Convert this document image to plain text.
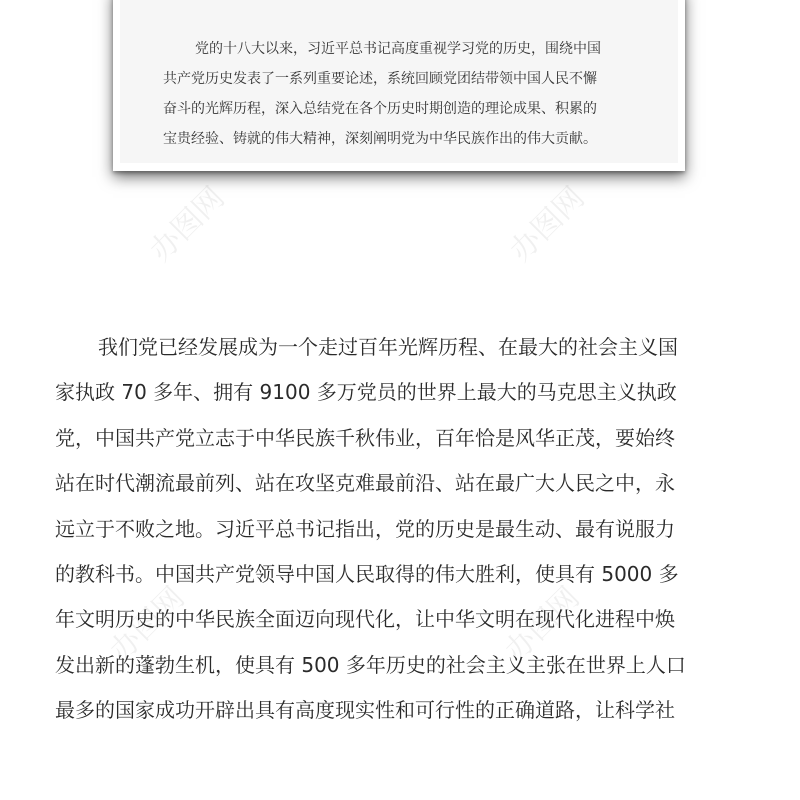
党的十八大以来，习近平总书记高度重视学习党的历史，围绕中国
共产党历史发表了一系列重要论述，系统回顾党团结带领中国人民不懈
奋斗的光辉历程，深入总结党在各个历史时期创造的理论成果、积累的
宝贵经验、铸就的伟大精神，深刻阐明党为中华民族作出的伟大贡献。

办图网	办图网
办图网	办图网

我们党已经发展成为一个走过百年光辉历程、在最大的社会主义国
家执政 70 多年、拥有 9100 多万党员的世界上最大的马克思主义执政
党，中国共产党立志于中华民族千秋伟业，百年恰是风华正茂，要始终
站在时代潮流最前列、站在攻坚克难最前沿、站在最广大人民之中，永
远立于不败之地。习近平总书记指出，党的历史是最生动、最有说服力
的教科书。中国共产党领导中国人民取得的伟大胜利，使具有 5000 多
年文明历史的中华民族全面迈向现代化，让中华文明在现代化进程中焕
发出新的蓬勃生机，使具有 500 多年历史的社会主义主张在世界上人口
最多的国家成功开辟出具有高度现实性和可行性的正确道路，让科学社
